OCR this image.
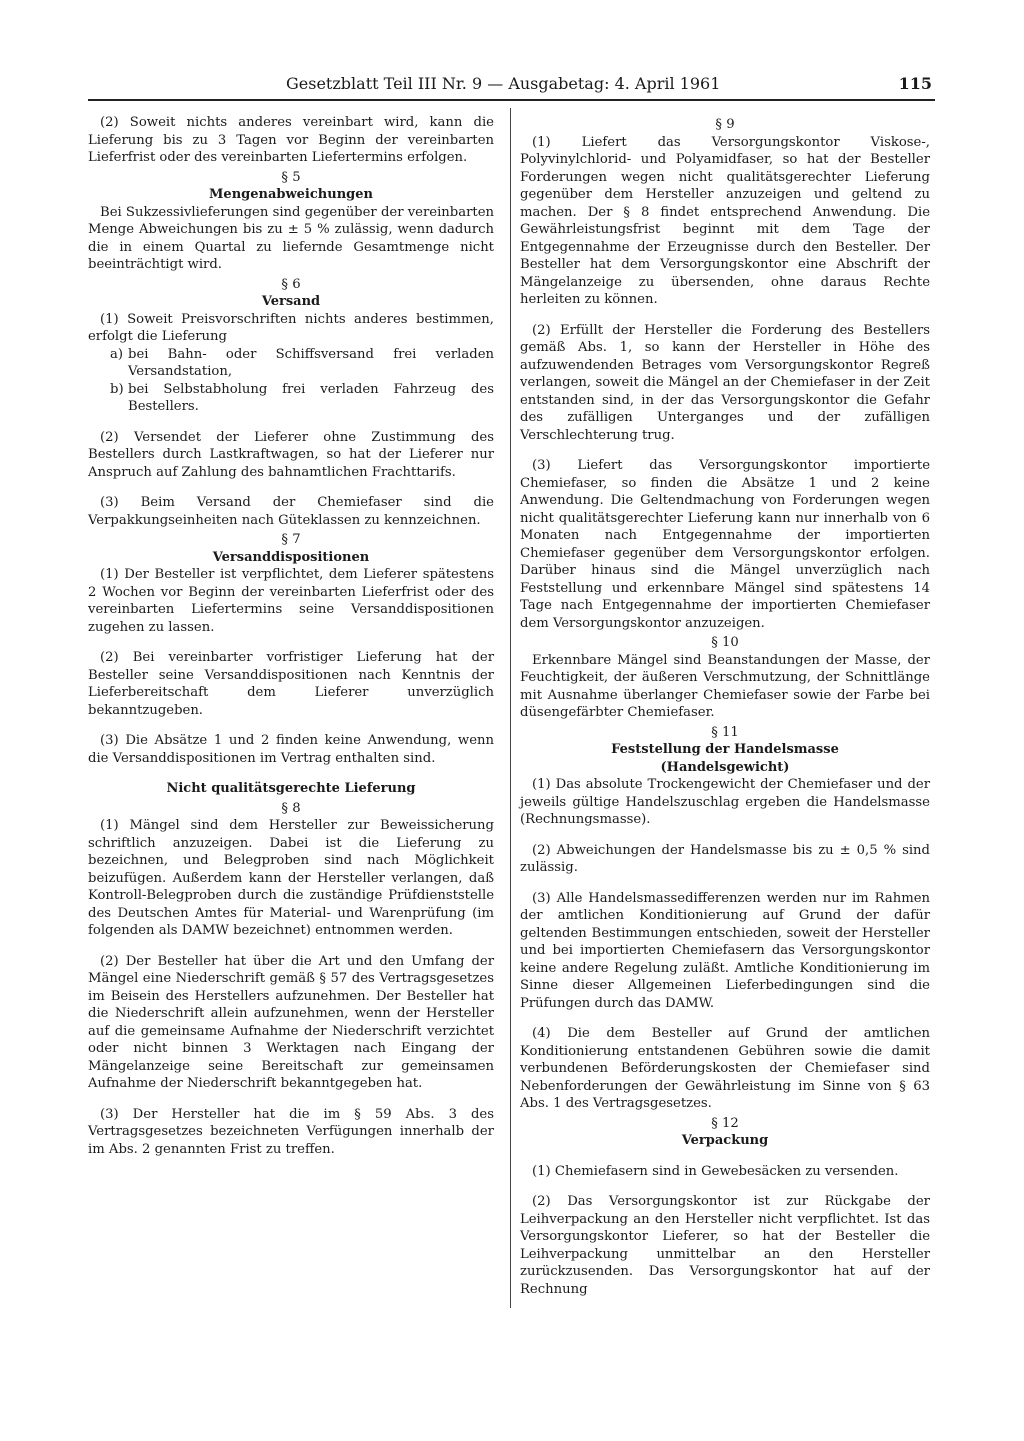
Gesetzblatt Teil III Nr. 9 — Ausgabetag: 4. April 1961	115

(2) Soweit nichts anderes vereinbart wird, kann die Lieferung bis zu 3 Tagen vor Beginn der vereinbarten Lieferfrist oder des vereinbarten Liefertermins erfolgen.

§ 5

Mengenabweichungen

Bei Sukzessivlieferungen sind gegenüber der vereinbarten Menge Abweichungen bis zu ± 5 % zulässig, wenn dadurch die in einem Quartal zu liefernde Gesamtmenge nicht beeinträchtigt wird.

§ 6

Versand

(1) Soweit Preisvorschriften nichts anderes bestimmen, erfolgt die Lieferung

a) bei Bahn- oder Schiffsversand frei verladen Versandstation,

b) bei Selbstabholung frei verladen Fahrzeug des Bestellers.

(2) Versendet der Lieferer ohne Zustimmung des Bestellers durch Lastkraftwagen, so hat der Lieferer nur Anspruch auf Zahlung des bahnamtlichen Frachttarifs.

(3) Beim Versand der Chemiefaser sind die Verpakkungseinheiten nach Güteklassen zu kennzeichnen.

§ 7

Versanddispositionen

(1) Der Besteller ist verpflichtet, dem Lieferer spätestens 2 Wochen vor Beginn der vereinbarten Lieferfrist oder des vereinbarten Liefertermins seine Versanddispositionen zugehen zu lassen.

(2) Bei vereinbarter vorfristiger Lieferung hat der Besteller seine Versanddispositionen nach Kenntnis der Lieferbereitschaft dem Lieferer unverzüglich bekanntzugeben.

(3) Die Absätze 1 und 2 finden keine Anwendung, wenn die Versanddispositionen im Vertrag enthalten sind.

Nicht qualitätsgerechte Lieferung

§ 8

(1) Mängel sind dem Hersteller zur Beweissicherung schriftlich anzuzeigen. Dabei ist die Lieferung zu bezeichnen, und Belegproben sind nach Möglichkeit beizufügen. Außerdem kann der Hersteller verlangen, daß Kontroll-Belegproben durch die zuständige Prüfdienststelle des Deutschen Amtes für Material- und Warenprüfung (im folgenden als DAMW bezeichnet) entnommen werden.

(2) Der Besteller hat über die Art und den Umfang der Mängel eine Niederschrift gemäß § 57 des Vertragsgesetzes im Beisein des Herstellers aufzunehmen. Der Besteller hat die Niederschrift allein aufzunehmen, wenn der Hersteller auf die gemeinsame Aufnahme der Niederschrift verzichtet oder nicht binnen 3 Werktagen nach Eingang der Mängelanzeige seine Bereitschaft zur gemeinsamen Aufnahme der Niederschrift bekanntgegeben hat.

(3) Der Hersteller hat die im § 59 Abs. 3 des Vertragsgesetzes bezeichneten Verfügungen innerhalb der im Abs. 2 genannten Frist zu treffen.

§ 9

(1) Liefert das Versorgungskontor Viskose-, Polyvinylchlorid- und Polyamidfaser, so hat der Besteller Forderungen wegen nicht qualitätsgerechter Lieferung gegenüber dem Hersteller anzuzeigen und geltend zu machen. Der § 8 findet entsprechend Anwendung. Die Gewährleistungsfrist beginnt mit dem Tage der Entgegennahme der Erzeugnisse durch den Besteller. Der Besteller hat dem Versorgungskontor eine Abschrift der Mängelanzeige zu übersenden, ohne daraus Rechte herleiten zu können.

(2) Erfüllt der Hersteller die Forderung des Bestellers gemäß Abs. 1, so kann der Hersteller in Höhe des aufzuwendenden Betrages vom Versorgungskontor Regreß verlangen, soweit die Mängel an der Chemiefaser in der Zeit entstanden sind, in der das Versorgungskontor die Gefahr des zufälligen Unterganges und der zufälligen Verschlechterung trug.

(3) Liefert das Versorgungskontor importierte Chemiefaser, so finden die Absätze 1 und 2 keine Anwendung. Die Geltendmachung von Forderungen wegen nicht qualitätsgerechter Lieferung kann nur innerhalb von 6 Monaten nach Entgegennahme der importierten Chemiefaser gegenüber dem Versorgungskontor erfolgen. Darüber hinaus sind die Mängel unverzüglich nach Feststellung und erkennbare Mängel sind spätestens 14 Tage nach Entgegennahme der importierten Chemiefaser dem Versorgungskontor anzuzeigen.

§ 10

Erkennbare Mängel sind Beanstandungen der Masse, der Feuchtigkeit, der äußeren Verschmutzung, der Schnittlänge mit Ausnahme überlanger Chemiefaser sowie der Farbe bei düsengefärbter Chemiefaser.

§ 11

Feststellung der Handelsmasse

(Handelsgewicht)

(1) Das absolute Trockengewicht der Chemiefaser und der jeweils gültige Handelszuschlag ergeben die Handelsmasse (Rechnungsmasse).

(2) Abweichungen der Handelsmasse bis zu ± 0,5 % sind zulässig.

(3) Alle Handelsmassedifferenzen werden nur im Rahmen der amtlichen Konditionierung auf Grund der dafür geltenden Bestimmungen entschieden, soweit der Hersteller und bei importierten Chemiefasern das Versorgungskontor keine andere Regelung zuläßt. Amtliche Konditionierung im Sinne dieser Allgemeinen Lieferbedingungen sind die Prüfungen durch das DAMW.

(4) Die dem Besteller auf Grund der amtlichen Konditionierung entstandenen Gebühren sowie die damit verbundenen Beförderungskosten der Chemiefaser sind Nebenforderungen der Gewährleistung im Sinne von § 63 Abs. 1 des Vertragsgesetzes.

§ 12

Verpackung

(1) Chemiefasern sind in Gewebesäcken zu versenden.

(2) Das Versorgungskontor ist zur Rückgabe der Leihverpackung an den Hersteller nicht verpflichtet. Ist das Versorgungskontor Lieferer, so hat der Besteller die Leihverpackung unmittelbar an den Hersteller zurückzusenden. Das Versorgungskontor hat auf der Rechnung
